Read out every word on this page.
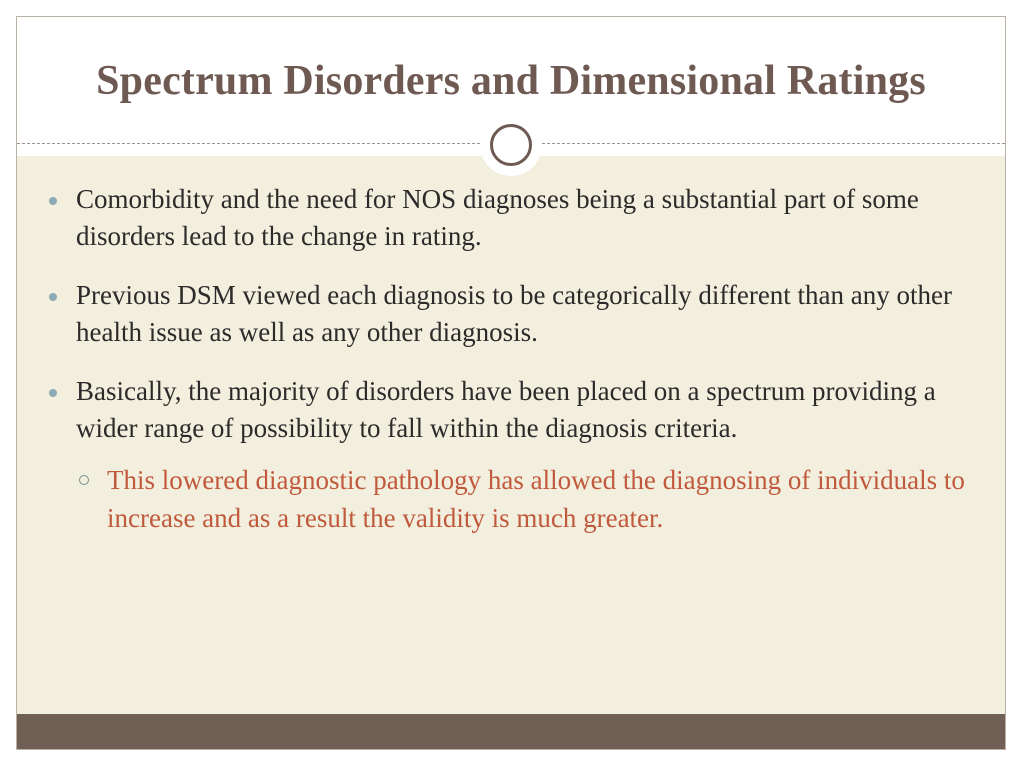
Spectrum Disorders and Dimensional Ratings
Comorbidity and the need for NOS diagnoses being a substantial part of some disorders lead to the change in rating.
Previous DSM viewed each diagnosis to be categorically different than any other health issue as well as any other diagnosis.
Basically, the majority of disorders have been placed on a spectrum providing a wider range of possibility to fall within the diagnosis criteria.
This lowered diagnostic pathology has allowed the diagnosing of individuals to increase and as a result the validity is much greater.
